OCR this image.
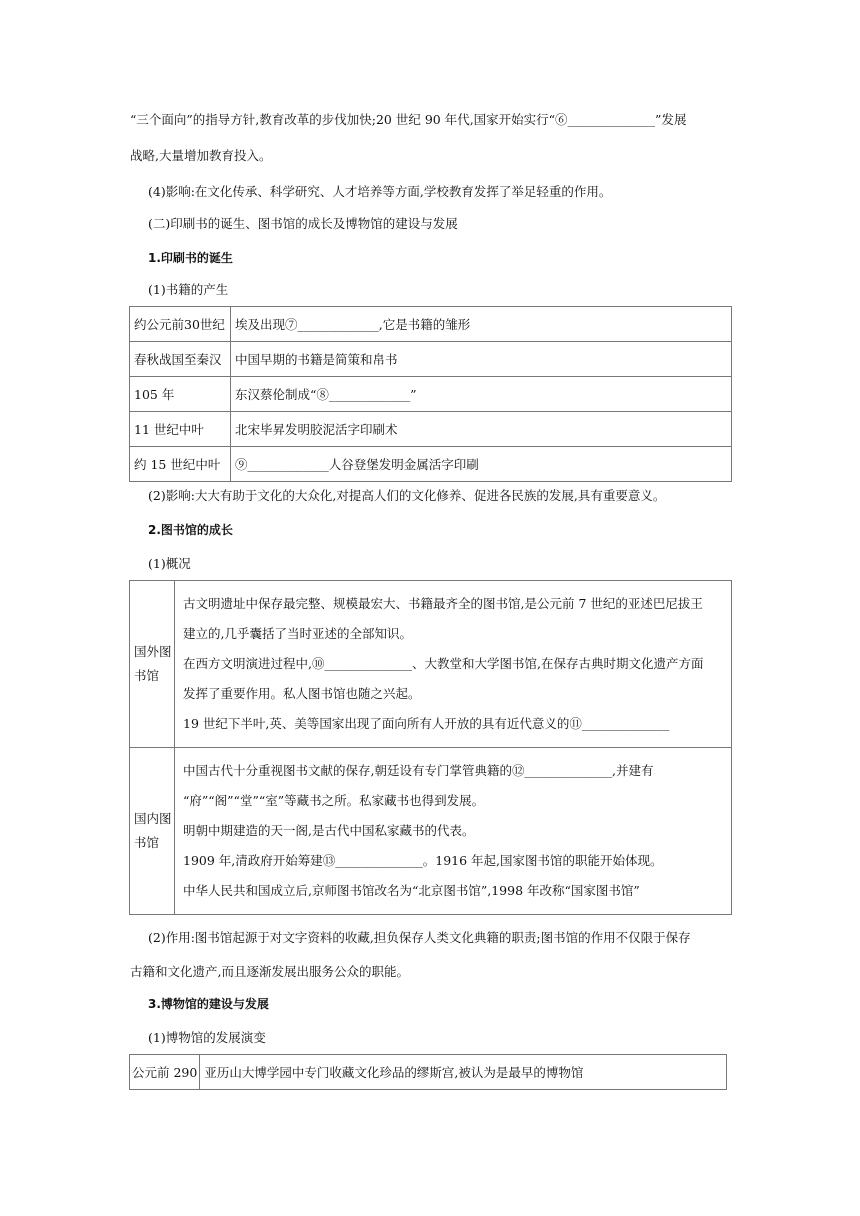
“三个面向”的指导方针,教育改革的步伐加快;20 世纪 90 年代,国家开始实行“⑥______________”发展
战略,大量增加教育投入。
(4)影响:在文化传承、科学研究、人才培养等方面,学校教育发挥了举足轻重的作用。
(二)印刷书的诞生、图书馆的成长及博物馆的建设与发展
1.印刷书的诞生
(1)书籍的产生
约公元前30世纪	埃及出现⑦_____________,它是书籍的雏形
春秋战国至秦汉	中国早期的书籍是简策和帛书
105 年	东汉蔡伦制成“⑧_____________”
11 世纪中叶	北宋毕昇发明胶泥活字印刷术
约 15 世纪中叶	⑨_____________人谷登堡发明金属活字印刷
(2)影响:大大有助于文化的大众化,对提高人们的文化修养、促进各民族的发展,具有重要意义。
2.图书馆的成长
(1)概况
国外图书馆	古文明遗址中保存最完整、规模最宏大、书籍最齐全的图书馆,是公元前 7 世纪的亚述巴尼拔王
建立的,几乎囊括了当时亚述的全部知识。
在西方文明演进过程中,⑩______________、大教堂和大学图书馆,在保存古典时期文化遗产方面
发挥了重要作用。私人图书馆也随之兴起。
19 世纪下半叶,英、美等国家出现了面向所有人开放的具有近代意义的⑪______________

国内图书馆	中国古代十分重视图书文献的保存,朝廷设有专门掌管典籍的⑫______________,并建有
“府”“阁”“堂”“室”等藏书之所。私家藏书也得到发展。
明朝中期建造的天一阁,是古代中国私家藏书的代表。
1909 年,清政府开始筹建⑬______________。1916 年起,国家图书馆的职能开始体现。
中华人民共和国成立后,京师图书馆改名为“北京图书馆”,1998 年改称“国家图书馆”
(2)作用:图书馆起源于对文字资料的收藏,担负保存人类文化典籍的职责;图书馆的作用不仅限于保存
古籍和文化遗产,而且逐渐发展出服务公众的职能。
3.博物馆的建设与发展
(1)博物馆的发展演变
公元前 290	亚历山大博学园中专门收藏文化珍品的缪斯宫,被认为是最早的博物馆
